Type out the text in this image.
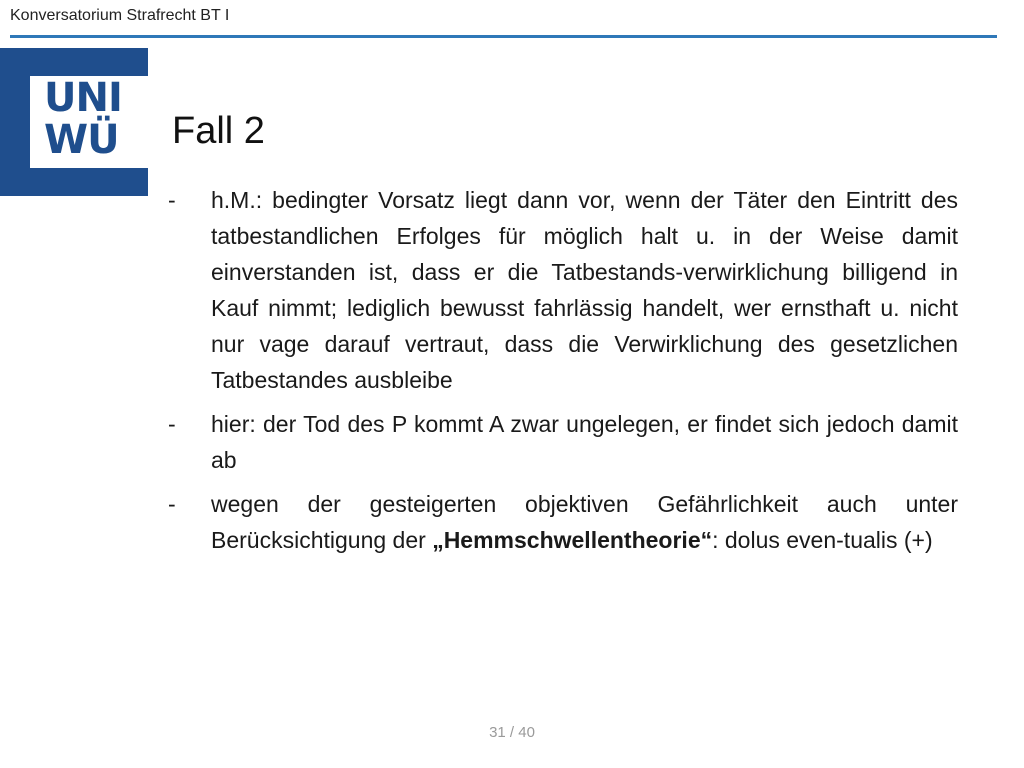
Konversatorium Strafrecht BT I
UNI
WÜ Fall 2
- h.M.: bedingter Vorsatz liegt dann vor, wenn der Täter den Eintritt des tatbestandlichen Erfolges für möglich halt u. in der Weise damit einverstanden ist, dass er die Tatbestands-verwirklichung billigend in Kauf nimmt; lediglich bewusst fahrlässig handelt, wer ernsthaft u. nicht nur vage darauf vertraut, dass die Verwirklichung des gesetzlichen Tatbestandes ausbleibe
- hier: der Tod des P kommt A zwar ungelegen, er findet sich jedoch damit ab
- wegen der gesteigerten objektiven Gefährlichkeit auch unter Berücksichtigung der „Hemmschwellentheorie“: dolus even-tualis (+)
31 / 40
